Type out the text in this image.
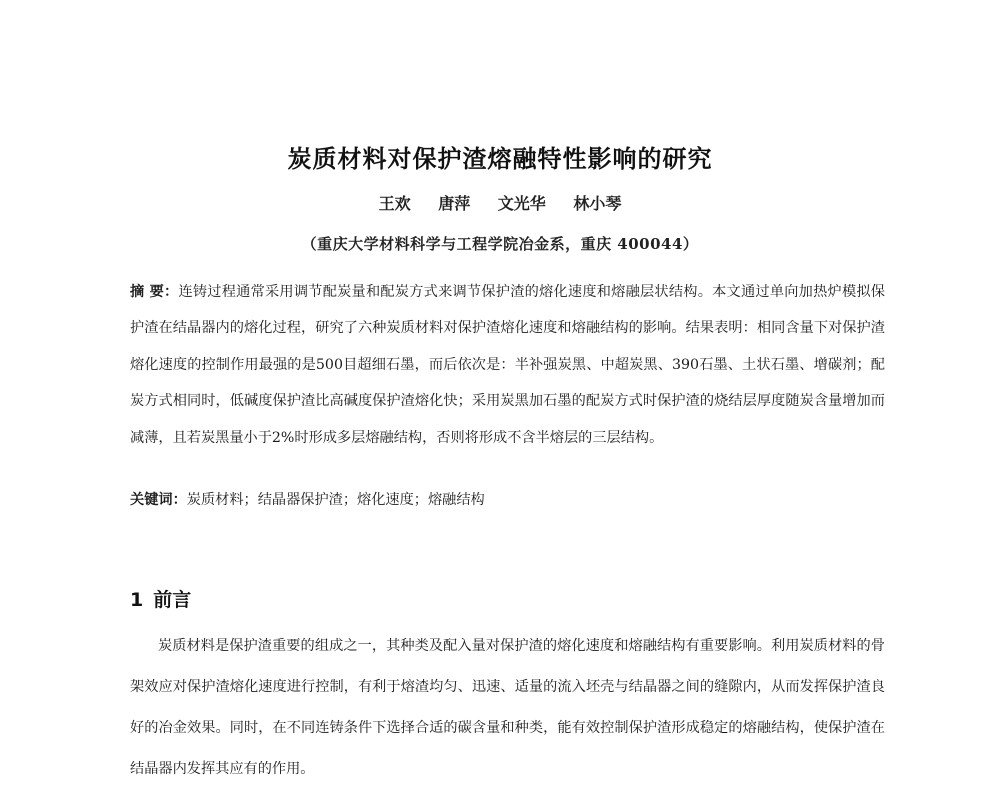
炭质材料对保护渣熔融特性影响的研究
王欢 唐萍 文光华 林小琴
（重庆大学材料科学与工程学院冶金系，重庆 400044）

摘 要：连铸过程通常采用调节配炭量和配炭方式来调节保护渣的熔化速度和熔融层状结构。本文通过单向加热炉模拟保护渣在结晶器内的熔化过程，研究了六种炭质材料对保护渣熔化速度和熔融结构的影响。结果表明：相同含量下对保护渣熔化速度的控制作用最强的是500目超细石墨，而后依次是：半补强炭黑、中超炭黑、390石墨、土状石墨、增碳剂；配炭方式相同时，低碱度保护渣比高碱度保护渣熔化快；采用炭黑加石墨的配炭方式时保护渣的烧结层厚度随炭含量增加而减薄，且若炭黑量小于2%时形成多层熔融结构，否则将形成不含半熔层的三层结构。

关键词：炭质材料；结晶器保护渣；熔化速度；熔融结构
1 前言

炭质材料是保护渣重要的组成之一，其种类及配入量对保护渣的熔化速度和熔融结构有重要影响。利用炭质材料的骨架效应对保护渣熔化速度进行控制，有利于熔渣均匀、迅速、适量的流入坯壳与结晶器之间的缝隙内，从而发挥保护渣良好的冶金效果。同时，在不同连铸条件下选择合适的碳含量和种类，能有效控制保护渣形成稳定的熔融结构，使保护渣在结晶器内发挥其应有的作用。
